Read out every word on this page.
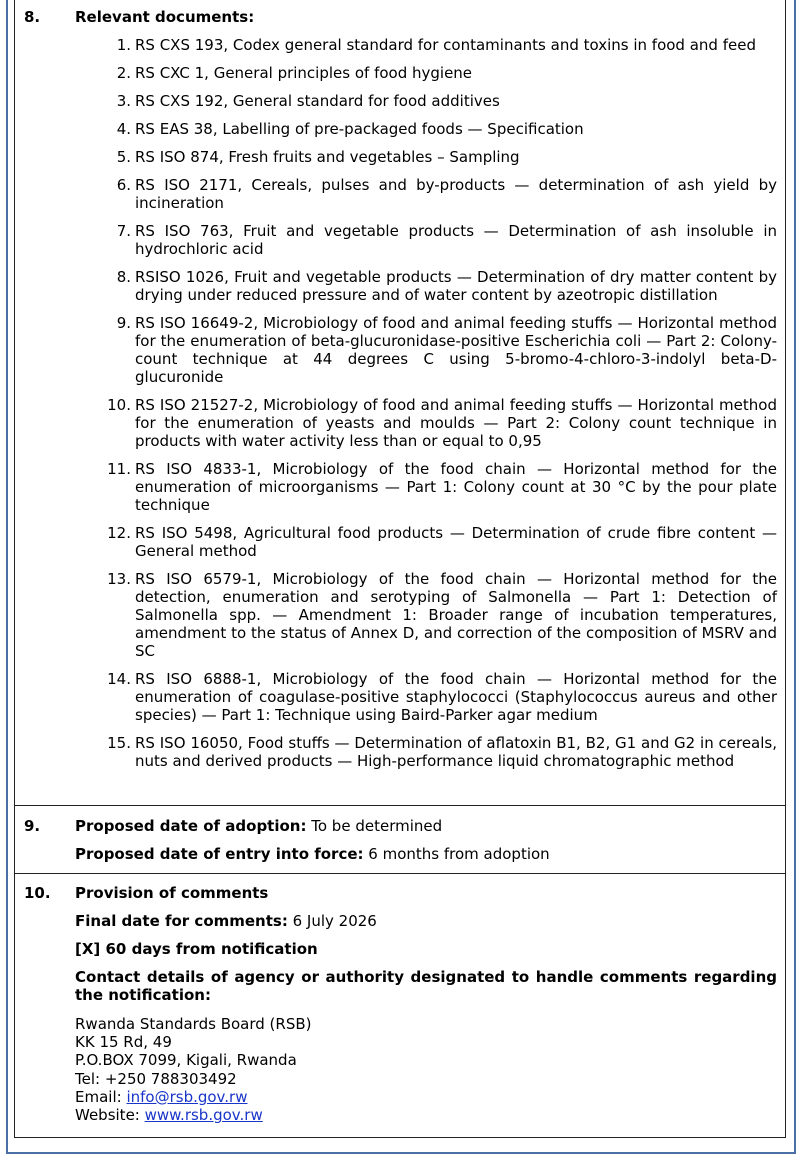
8. Relevant documents:
1. RS CXS 193, Codex general standard for contaminants and toxins in food and feed
2. RS CXC 1, General principles of food hygiene
3. RS CXS 192, General standard for food additives
4. RS EAS 38, Labelling of pre-packaged foods — Specification
5. RS ISO 874, Fresh fruits and vegetables – Sampling
6. RS ISO 2171, Cereals, pulses and by-products — determination of ash yield by incineration
7. RS ISO 763, Fruit and vegetable products — Determination of ash insoluble in hydrochloric acid
8. RSISO 1026, Fruit and vegetable products — Determination of dry matter content by drying under reduced pressure and of water content by azeotropic distillation
9. RS ISO 16649-2, Microbiology of food and animal feeding stuffs — Horizontal method for the enumeration of beta-glucuronidase-positive Escherichia coli — Part 2: Colony-count technique at 44 degrees C using 5-bromo-4-chloro-3-indolyl beta-D-glucuronide
10. RS ISO 21527-2, Microbiology of food and animal feeding stuffs — Horizontal method for the enumeration of yeasts and moulds — Part 2: Colony count technique in products with water activity less than or equal to 0,95
11. RS ISO 4833-1, Microbiology of the food chain — Horizontal method for the enumeration of microorganisms — Part 1: Colony count at 30 °C by the pour plate technique
12. RS ISO 5498, Agricultural food products — Determination of crude fibre content — General method
13. RS ISO 6579-1, Microbiology of the food chain — Horizontal method for the detection, enumeration and serotyping of Salmonella — Part 1: Detection of Salmonella spp. — Amendment 1: Broader range of incubation temperatures, amendment to the status of Annex D, and correction of the composition of MSRV and SC
14. RS ISO 6888-1, Microbiology of the food chain — Horizontal method for the enumeration of coagulase-positive staphylococci (Staphylococcus aureus and other species) — Part 1: Technique using Baird-Parker agar medium
15. RS ISO 16050, Food stuffs — Determination of aflatoxin B1, B2, G1 and G2 in cereals, nuts and derived products — High-performance liquid chromatographic method
9. Proposed date of adoption: To be determined
Proposed date of entry into force: 6 months from adoption
10. Provision of comments
Final date for comments: 6 July 2026
[X] 60 days from notification
Contact details of agency or authority designated to handle comments regarding the notification:
Rwanda Standards Board (RSB)
KK 15 Rd, 49
P.O.BOX 7099, Kigali, Rwanda
Tel: +250 788303492
Email: info@rsb.gov.rw
Website: www.rsb.gov.rw
